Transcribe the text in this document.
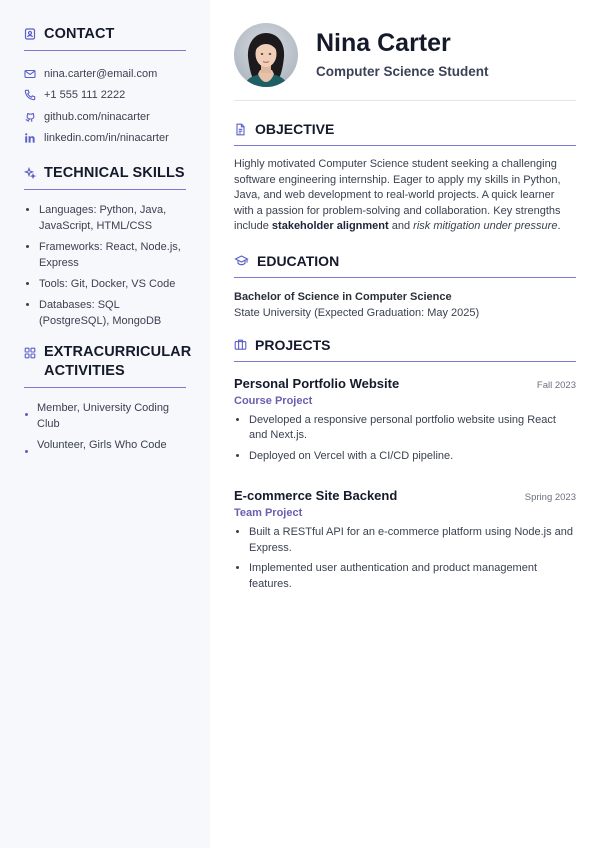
CONTACT
nina.carter@email.com
+1 555 111 2222
github.com/ninacarter
linkedin.com/in/ninacarter
TECHNICAL SKILLS
• Languages: Python, Java, JavaScript, HTML/CSS
• Frameworks: React, Node.js, Express
• Tools: Git, Docker, VS Code
• Databases: SQL (PostgreSQL), MongoDB
EXTRACURRICULAR
ACTIVITIES
Member, University Coding Club
Volunteer, Girls Who Code
Nina Carter
Computer Science Student
OBJECTIVE

Highly motivated Computer Science student seeking a challenging software engineering internship. Eager to apply my skills in Python, Java, and web development to real-world projects. A quick learner with a passion for problem-solving and collaboration. Key strengths include stakeholder alignment and risk mitigation under pressure.

EDUCATION
Bachelor of Science in Computer Science
State University (Expected Graduation: May 2025)
PROJECTS
Personal Portfolio Website	Fall 2023
Course Project
• Developed a responsive personal portfolio website using React and Next.js.
• Deployed on Vercel with a CI/CD pipeline.
E-commerce Site Backend	Spring 2023
Team Project
• Built a RESTful API for an e-commerce platform using Node.js and Express.
• Implemented user authentication and product management features.
